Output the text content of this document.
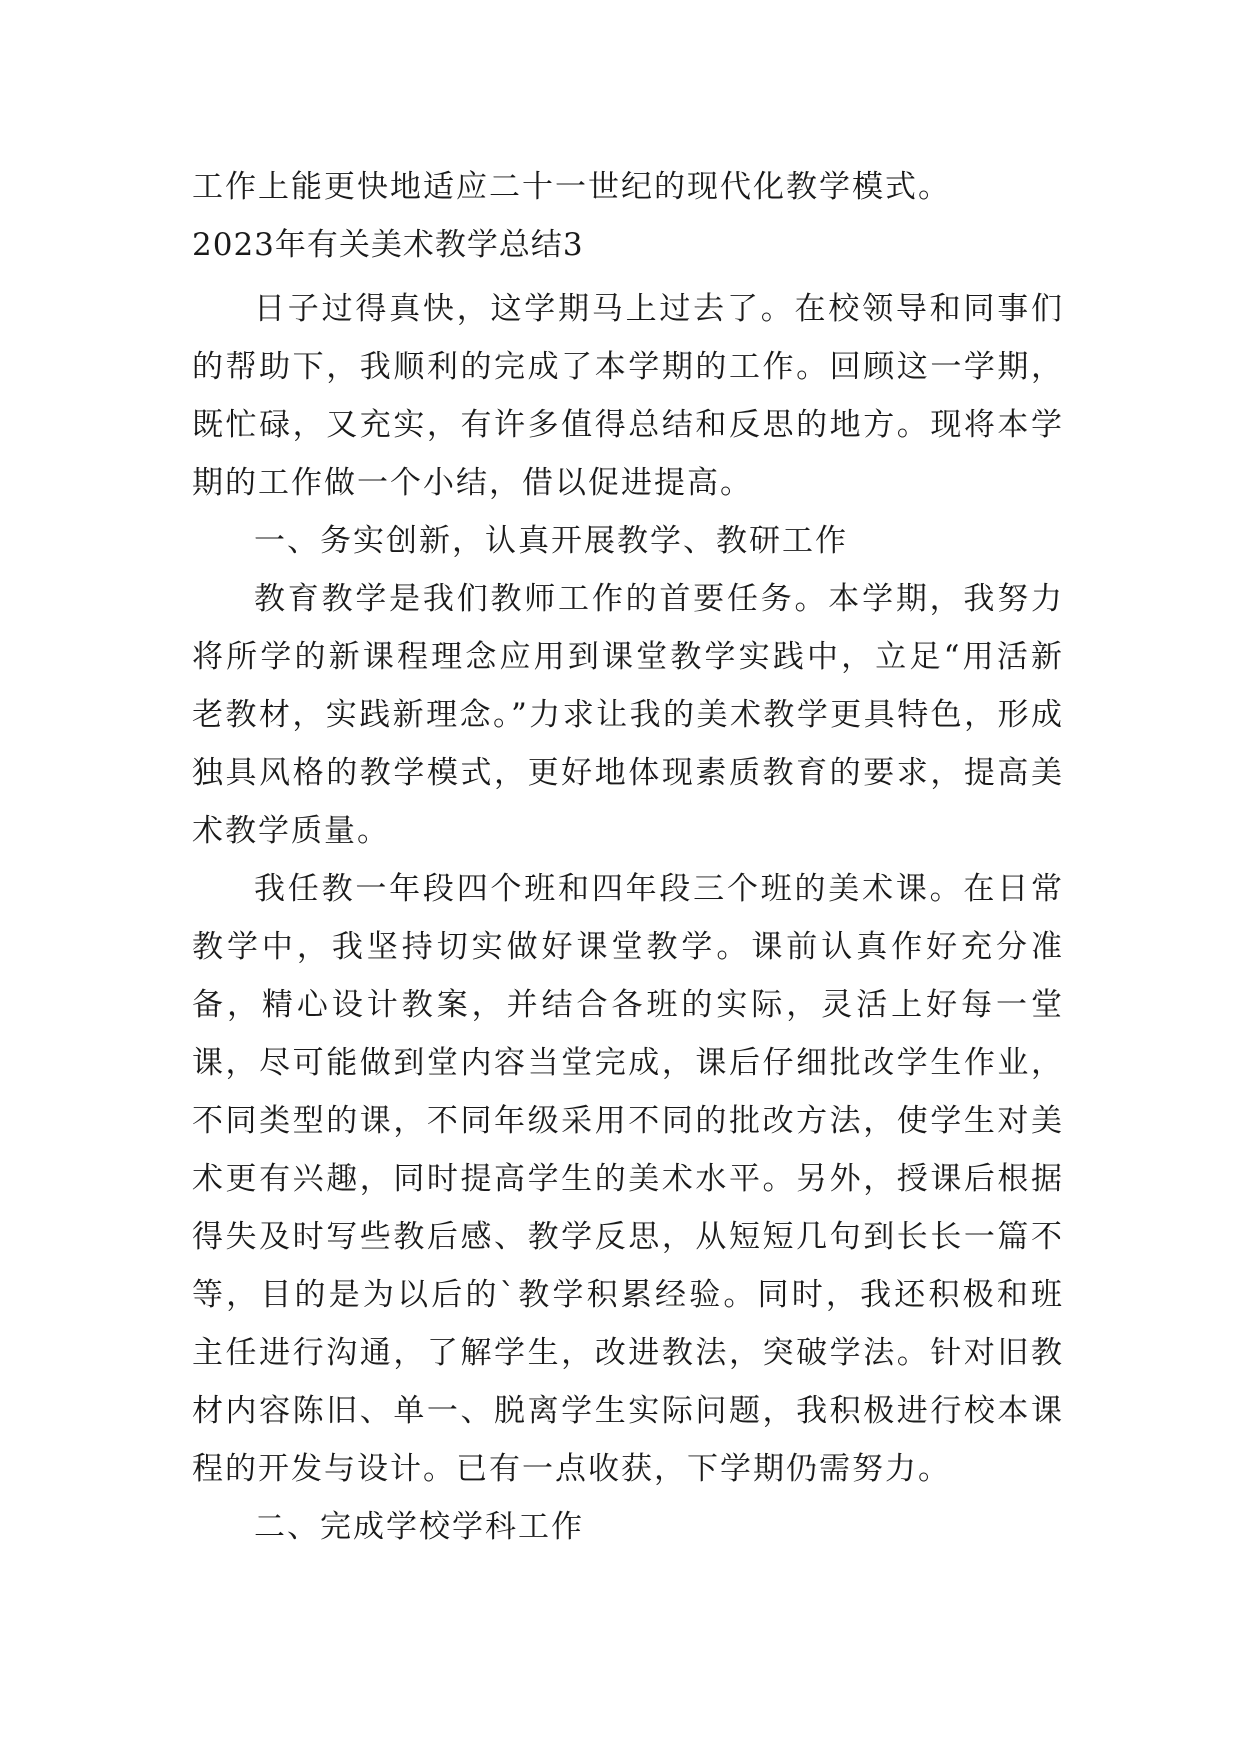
工作上能更快地适应二十一世纪的现代化教学模式。
2023年有关美术教学总结3

日子过得真快，这学期马上过去了。在校领导和同事们的帮助下，我顺利的完成了本学期的工作。回顾这一学期，既忙碌，又充实，有许多值得总结和反思的地方。现将本学期的工作做一个小结，借以促进提高。

一、务实创新，认真开展教学、教研工作

教育教学是我们教师工作的首要任务。本学期，我努力将所学的新课程理念应用到课堂教学实践中，立足“用活新老教材，实践新理念。”力求让我的美术教学更具特色，形成独具风格的教学模式，更好地体现素质教育的要求，提高美术教学质量。

我任教一年段四个班和四年段三个班的美术课。在日常教学中，我坚持切实做好课堂教学。课前认真作好充分准备，精心设计教案，并结合各班的实际，灵活上好每一堂课，尽可能做到堂内容当堂完成，课后仔细批改学生作业，不同类型的课，不同年级采用不同的批改方法，使学生对美术更有兴趣，同时提高学生的美术水平。另外，授课后根据得失及时写些教后感、教学反思，从短短几句到长长一篇不等，目的是为以后的`教学积累经验。同时，我还积极和班主任进行沟通，了解学生，改进教法，突破学法。针对旧教材内容陈旧、单一、脱离学生实际问题，我积极进行校本课程的开发与设计。已有一点收获，下学期仍需努力。

二、完成学校学科工作
